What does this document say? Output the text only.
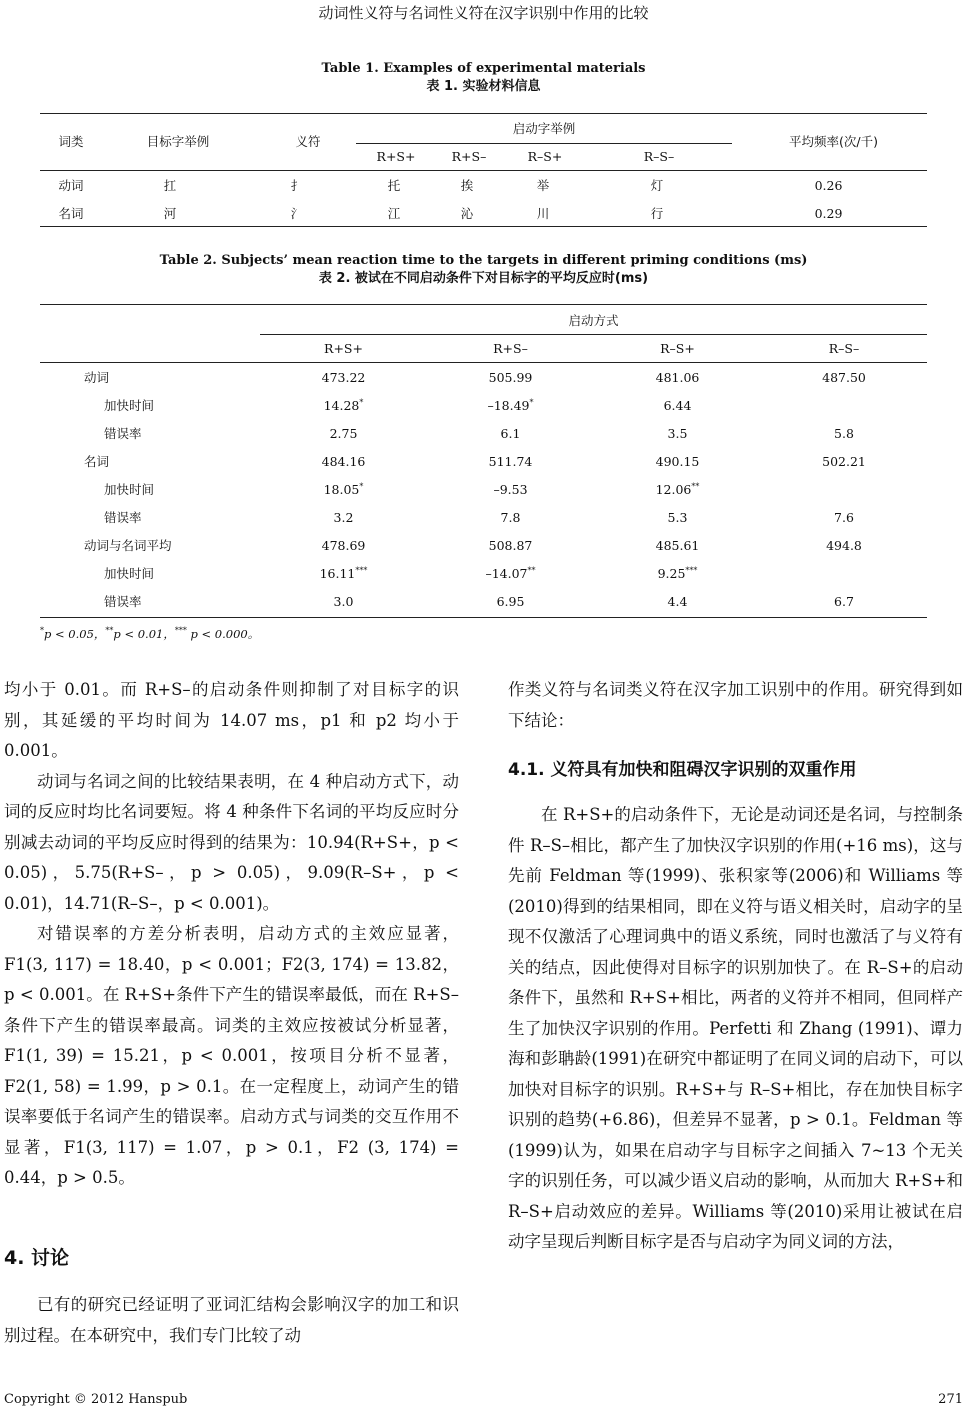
动词性义符与名词性义符在汉字识别中作用的比较
Table 1. Examples of experimental materials
表 1. 实验材料信息
词类	目标字举例	义符
启动字举例
平均频率(次/千)
R+S+	R+S–	R–S+	R–S–
动词	扛	扌	托	挨	举	灯	0.26
名词	河	氵	江	沁	川	行	0.29
Table 2. Subjects’ mean reaction time to the targets in different priming conditions (ms)
表 2. 被试在不同启动条件下对目标字的平均反应时(ms)
启动方式
R+S+	R+S–	R–S+	R–S–
动词	473.22	505.99	481.06	487.50
加快时间	14.28*	–18.49*	6.44	
错误率	2.75	6.1	3.5	5.8
名词	484.16	511.74	490.15	502.21
加快时间	18.05*	–9.53	12.06**	
错误率	3.2	7.8	5.3	7.6
动词与名词平均	478.69	508.87	485.61	494.8
加快时间	16.11***	–14.07**	9.25***	
错误率	3.0	6.95	4.4	6.7
*p < 0.05，**p < 0.01，*** p < 0.000。

均小于 0.01。而 R+S–的启动条件则抑制了对目标字的识别，其延缓的平均时间为 14.07 ms，p1 和 p2 均小于 0.001。

动词与名词之间的比较结果表明，在 4 种启动方式下，动词的反应时均比名词要短。将 4 种条件下名词的平均反应时分别减去动词的平均反应时得到的结果为：10.94(R+S+，p < 0.05)，5.75(R+S–，p > 0.05)，9.09(R–S+，p < 0.01)，14.71(R–S–，p < 0.001)。

对错误率的方差分析表明，启动方式的主效应显著，F1(3, 117) = 18.40，p < 0.001；F2(3, 174) = 13.82，p < 0.001。在 R+S+条件下产生的错误率最低，而在 R+S–条件下产生的错误率最高。词类的主效应按被试分析显著，F1(1, 39) = 15.21，p < 0.001，按项目分析不显著，F2(1, 58) = 1.99，p > 0.1。在一定程度上，动词产生的错误率要低于名词产生的错误率。启动方式与词类的交互作用不显著，F1(3, 117) = 1.07，p > 0.1，F2 (3, 174) = 0.44，p > 0.5。

4. 讨论

已有的研究已经证明了亚词汇结构会影响汉字的加工和识别过程。在本研究中，我们专门比较了动

作类义符与名词类义符在汉字加工识别中的作用。研究得到如下结论：

4.1. 义符具有加快和阻碍汉字识别的双重作用

在 R+S+的启动条件下，无论是动词还是名词，与控制条件 R–S–相比，都产生了加快汉字识别的作用(+16 ms)，这与先前 Feldman 等(1999)、张积家等(2006)和 Williams 等(2010)得到的结果相同，即在义符与语义相关时，启动字的呈现不仅激活了心理词典中的语义系统，同时也激活了与义符有关的结点，因此使得对目标字的识别加快了。在 R–S+的启动条件下，虽然和 R+S+相比，两者的义符并不相同，但同样产生了加快汉字识别的作用。Perfetti 和 Zhang (1991)、谭力海和彭聃龄(1991)在研究中都证明了在同义词的启动下，可以加快对目标字的识别。R+S+与 R–S+相比，存在加快目标字识别的趋势(+6.86)，但差异不显著，p > 0.1。Feldman 等(1999)认为，如果在启动字与目标字之间插入 7~13 个无关字的识别任务，可以减少语义启动的影响，从而加大 R+S+和 R–S+启动效应的差异。Williams 等(2010)采用让被试在启动字呈现后判断目标字是否与启动字为同义词的方法，

Copyright © 2012 Hanspub	271
